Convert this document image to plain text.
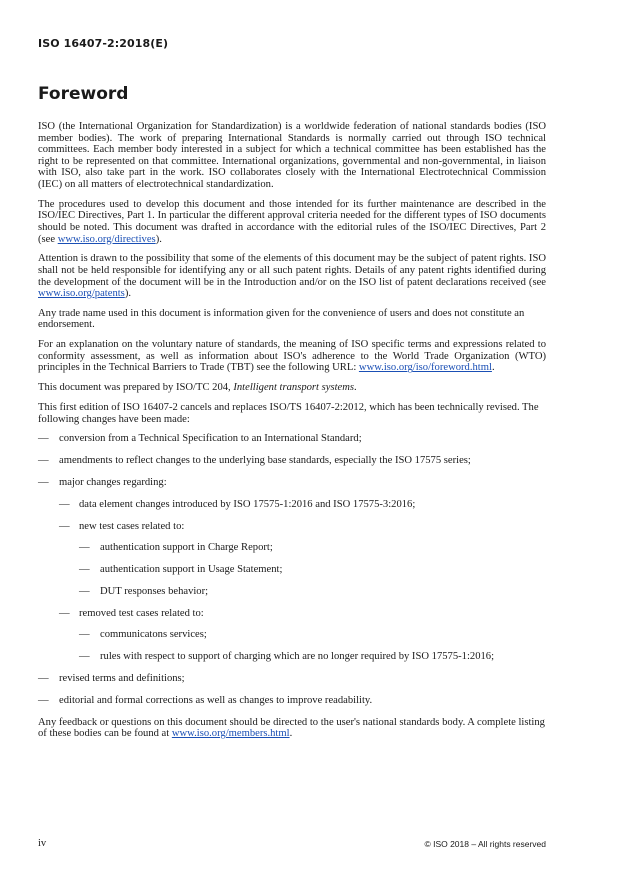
ISO 16407-2:2018(E)
Foreword

ISO (the International Organization for Standardization) is a worldwide federation of national standards bodies (ISO member bodies). The work of preparing International Standards is normally carried out through ISO technical committees. Each member body interested in a subject for which a technical committee has been established has the right to be represented on that committee. International organizations, governmental and non-governmental, in liaison with ISO, also take part in the work. ISO collaborates closely with the International Electrotechnical Commission (IEC) on all matters of electrotechnical standardization.

The procedures used to develop this document and those intended for its further maintenance are described in the ISO/IEC Directives, Part 1. In particular the different approval criteria needed for the different types of ISO documents should be noted. This document was drafted in accordance with the editorial rules of the ISO/IEC Directives, Part 2 (see www.iso.org/directives).

Attention is drawn to the possibility that some of the elements of this document may be the subject of patent rights. ISO shall not be held responsible for identifying any or all such patent rights. Details of any patent rights identified during the development of the document will be in the Introduction and/or on the ISO list of patent declarations received (see www.iso.org/patents).

Any trade name used in this document is information given for the convenience of users and does not constitute an endorsement.

For an explanation on the voluntary nature of standards, the meaning of ISO specific terms and expressions related to conformity assessment, as well as information about ISO's adherence to the World Trade Organization (WTO) principles in the Technical Barriers to Trade (TBT) see the following URL: www.iso.org/iso/foreword.html.

This document was prepared by ISO/TC 204, Intelligent transport systems.

This first edition of ISO 16407-2 cancels and replaces ISO/TS 16407-2:2012, which has been technically revised. The following changes have been made:

— conversion from a Technical Specification to an International Standard;
— amendments to reflect changes to the underlying base standards, especially the ISO 17575 series;
— major changes regarding:
— data element changes introduced by ISO 17575-1:2016 and ISO 17575-3:2016;
— new test cases related to:
— authentication support in Charge Report;
— authentication support in Usage Statement;
— DUT responses behavior;
— removed test cases related to:
— communicatons services;
— rules with respect to support of charging which are no longer required by ISO 17575-1:2016;
— revised terms and definitions;
— editorial and formal corrections as well as changes to improve readability.

Any feedback or questions on this document should be directed to the user's national standards body. A complete listing of these bodies can be found at www.iso.org/members.html.

iv	© ISO 2018 – All rights reserved
